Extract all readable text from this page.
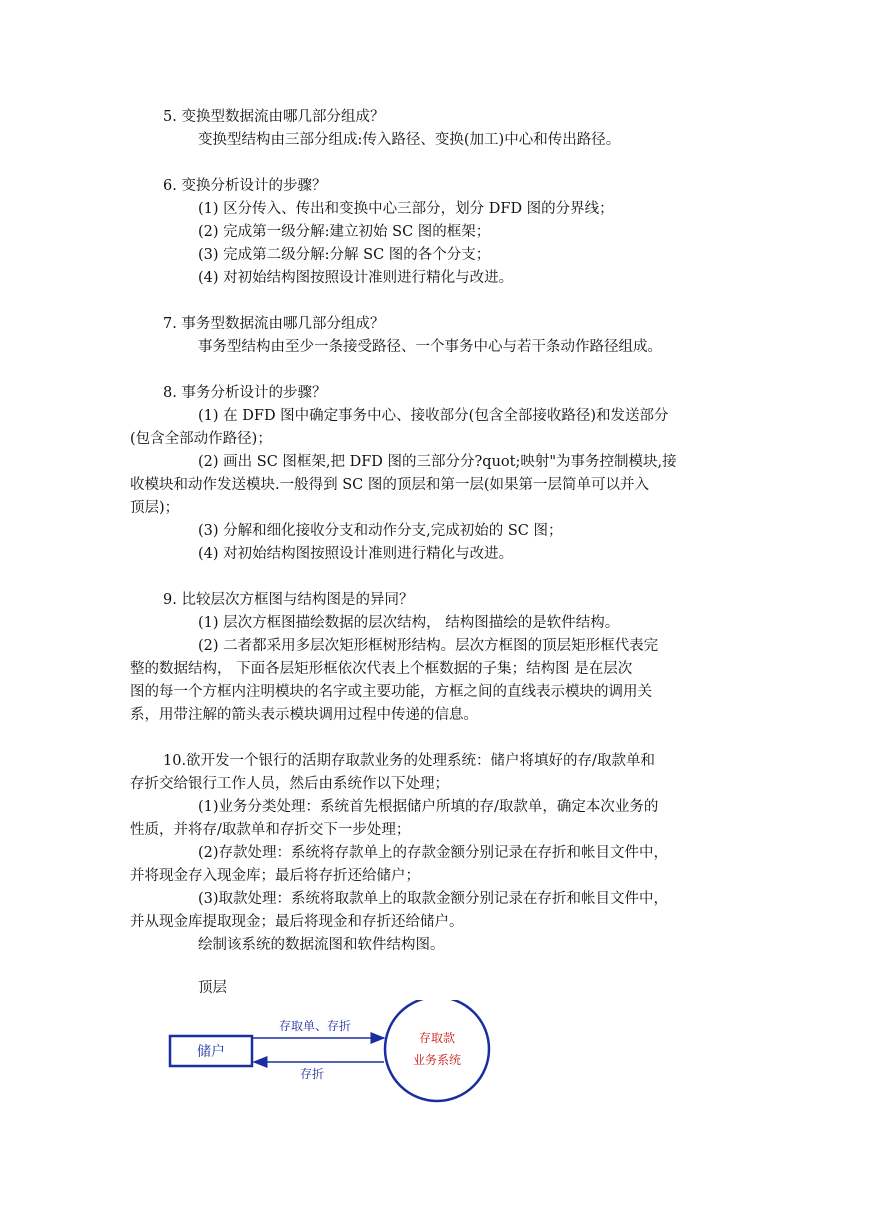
5. 变换型数据流由哪几部分组成？
变换型结构由三部分组成:传入路径、变换(加工)中心和传出路径。
6. 变换分析设计的步骤？
(1) 区分传入、传出和变换中心三部分，划分 DFD 图的分界线；
(2) 完成第一级分解:建立初始 SC 图的框架；
(3) 完成第二级分解:分解 SC 图的各个分支；
(4) 对初始结构图按照设计准则进行精化与改进。
7. 事务型数据流由哪几部分组成？
事务型结构由至少一条接受路径、一个事务中心与若干条动作路径组成。
8. 事务分析设计的步骤？
(1) 在 DFD 图中确定事务中心、接收部分(包含全部接收路径)和发送部分
(包含全部动作路径)；
(2) 画出 SC 图框架,把 DFD 图的三部分分?quot;映射"为事务控制模块,接
收模块和动作发送模块.一般得到 SC 图的顶层和第一层(如果第一层简单可以并入
顶层)；
(3) 分解和细化接收分支和动作分支,完成初始的 SC 图；
(4) 对初始结构图按照设计准则进行精化与改进。
9. 比较层次方框图与结构图是的异同？
(1) 层次方框图描绘数据的层次结构， 结构图描绘的是软件结构。
(2) 二者都采用多层次矩形框树形结构。层次方框图的顶层矩形框代表完
整的数据结构， 下面各层矩形框依次代表上个框数据的子集；结构图 是在层次
图的每一个方框内注明模块的名字或主要功能，方框之间的直线表示模块的调用关
系，用带注解的箭头表示模块调用过程中传递的信息。
10.欲开发一个银行的活期存取款业务的处理系统：储户将填好的存/取款单和
存折交给银行工作人员，然后由系统作以下处理；
(1)业务分类处理：系统首先根据储户所填的存/取款单，确定本次业务的
性质，并将存/取款单和存折交下一步处理；
(2)存款处理：系统将存款单上的存款金额分别记录在存折和帐目文件中，
并将现金存入现金库；最后将存折还给储户；
(3)取款处理：系统将取款单上的取款金额分别记录在存折和帐目文件中，
并从现金库提取现金；最后将现金和存折还给储户。
绘制该系统的数据流图和软件结构图。
顶层
储户
存取单、存折
存折
存取款
业务系统
